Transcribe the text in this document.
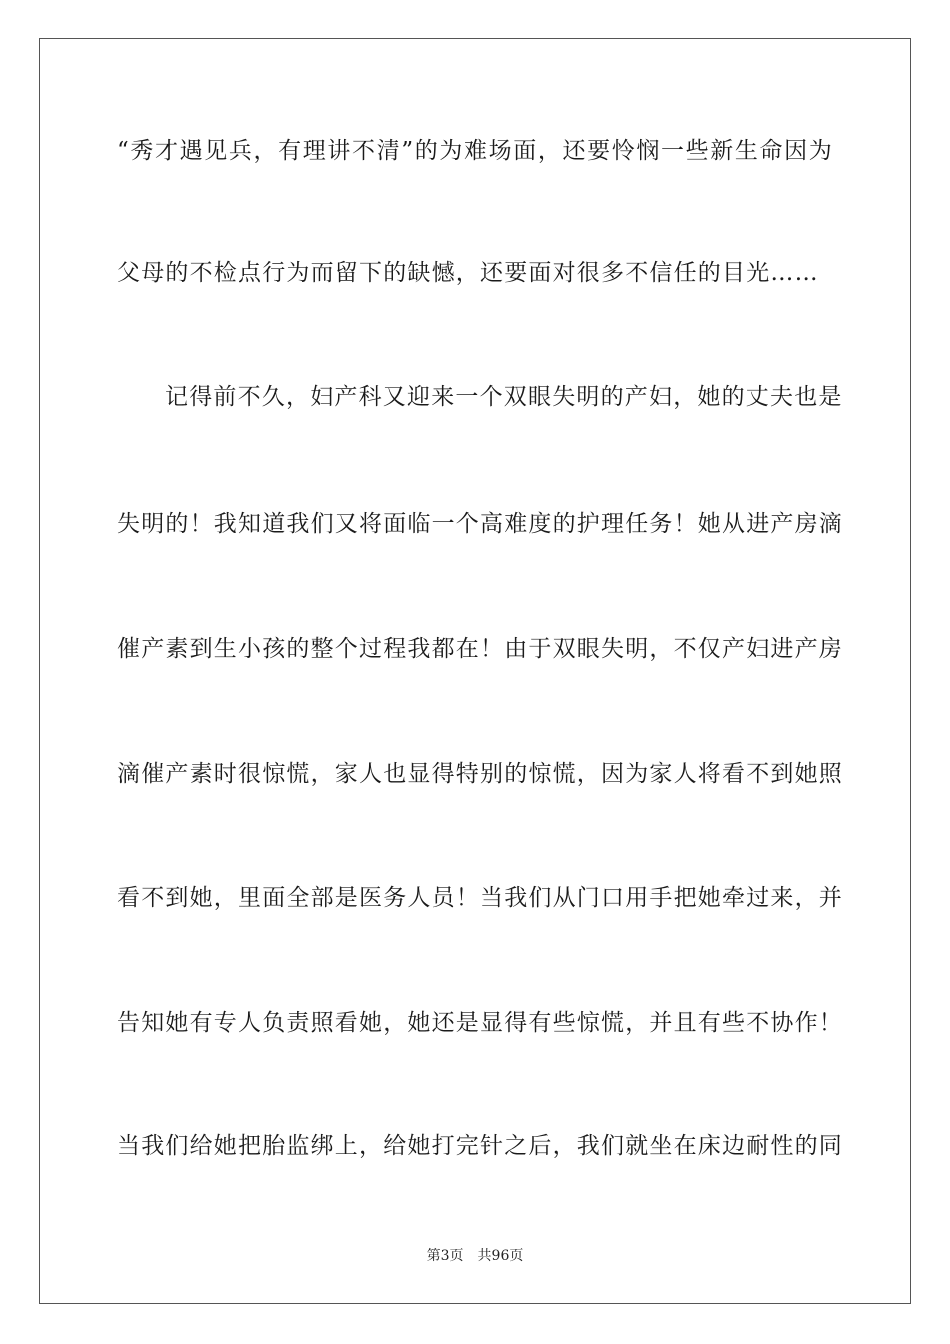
“秀才遇见兵，有理讲不清”的为难场面，还要怜悯一些新生命因为
父母的不检点行为而留下的缺憾，还要面对很多不信任的目光……
记得前不久，妇产科又迎来一个双眼失明的产妇，她的丈夫也是
失明的！我知道我们又将面临一个高难度的护理任务！她从进产房滴
催产素到生小孩的整个过程我都在！由于双眼失明，不仅产妇进产房
滴催产素时很惊慌，家人也显得特别的惊慌，因为家人将看不到她照
看不到她，里面全部是医务人员！当我们从门口用手把她牵过来，并
告知她有专人负责照看她，她还是显得有些惊慌，并且有些不协作！
当我们给她把胎监绑上，给她打完针之后，我们就坐在床边耐性的同
第3页 共96页
